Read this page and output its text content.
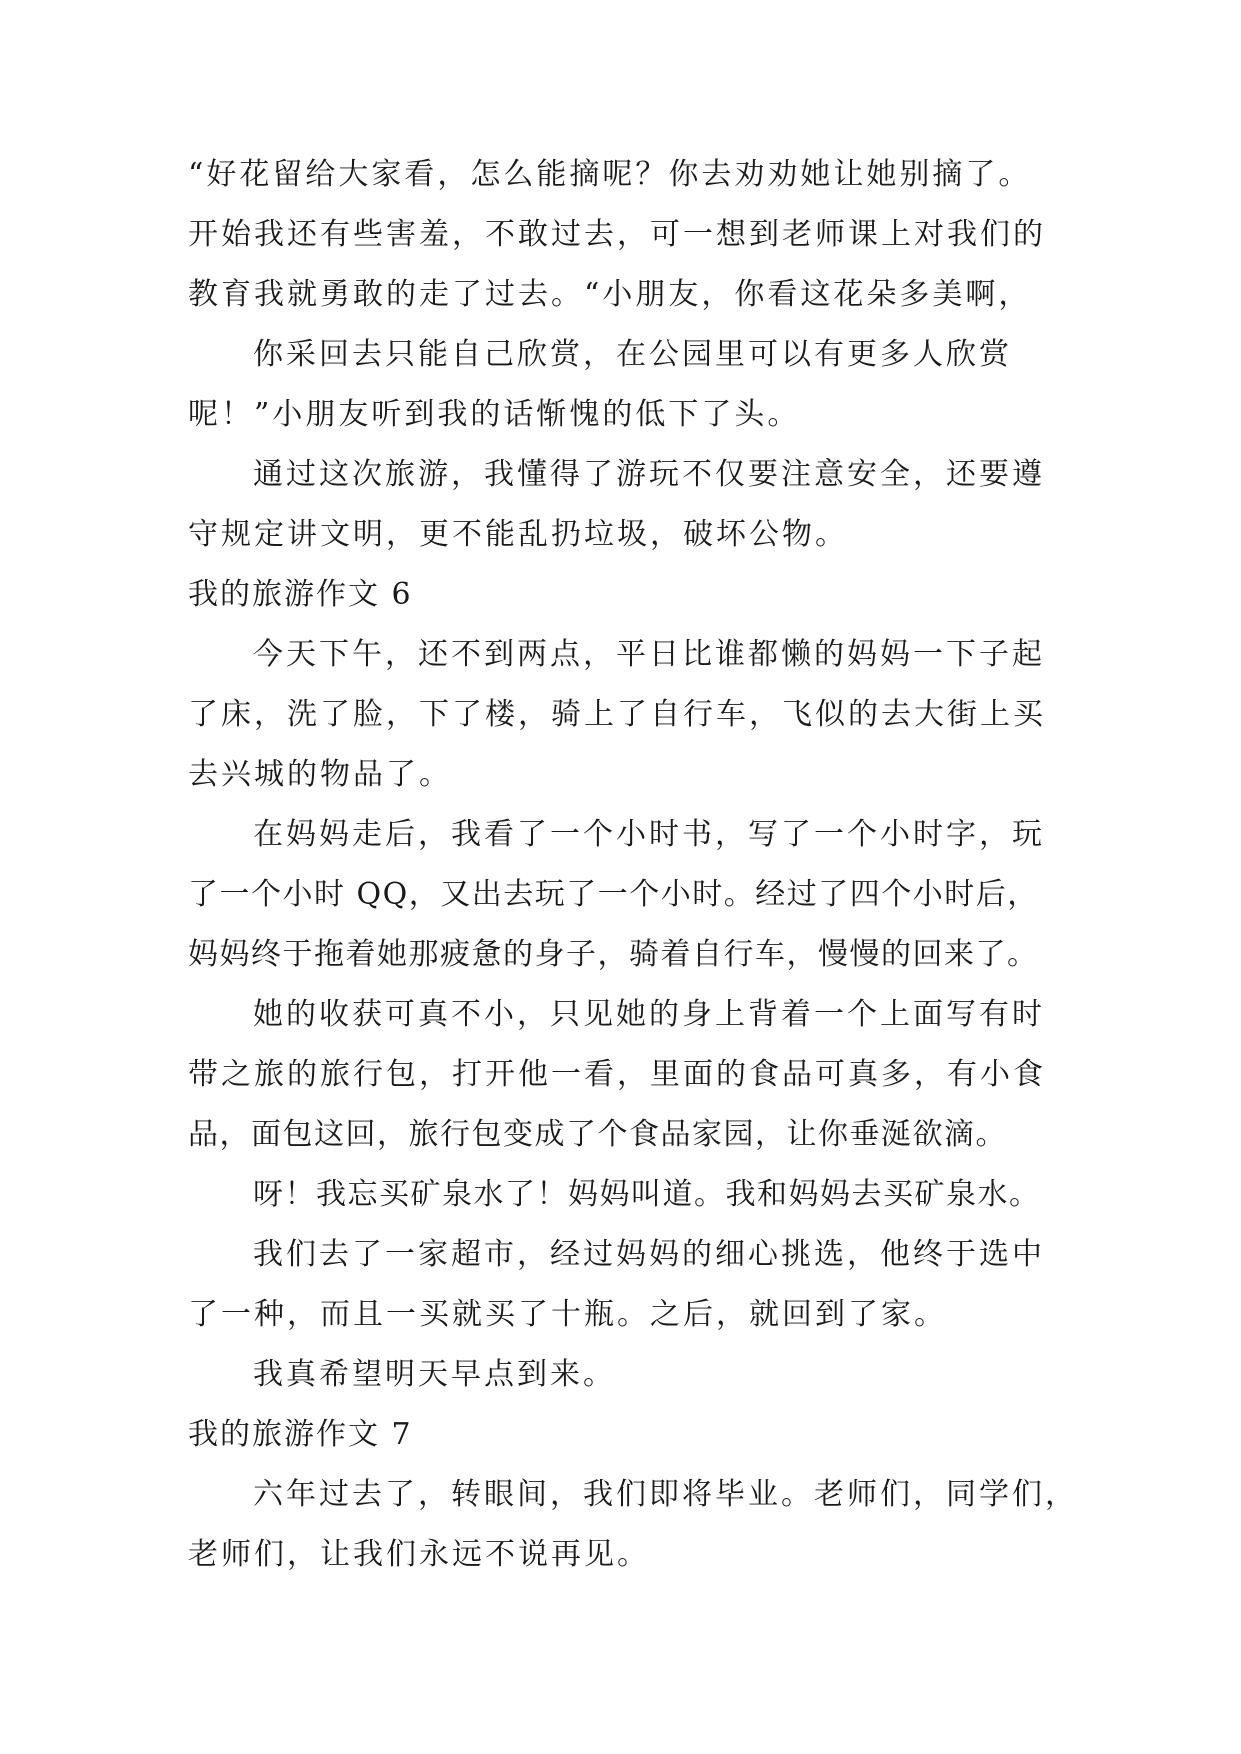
“好花留给大家看，怎么能摘呢？你去劝劝她让她别摘了。
开始我还有些害羞，不敢过去，可一想到老师课上对我们的
教育我就勇敢的走了过去。“小朋友，你看这花朵多美啊，
你采回去只能自己欣赏，在公园里可以有更多人欣赏
呢！”小朋友听到我的话惭愧的低下了头。
通过这次旅游，我懂得了游玩不仅要注意安全，还要遵
守规定讲文明，更不能乱扔垃圾，破坏公物。
我的旅游作文 6
今天下午，还不到两点，平日比谁都懒的妈妈一下子起
了床，洗了脸，下了楼，骑上了自行车，飞似的去大街上买
去兴城的物品了。
在妈妈走后，我看了一个小时书，写了一个小时字，玩
了一个小时 QQ，又出去玩了一个小时。经过了四个小时后，
妈妈终于拖着她那疲惫的身子，骑着自行车，慢慢的回来了。
她的收获可真不小，只见她的身上背着一个上面写有时
带之旅的旅行包，打开他一看，里面的食品可真多，有小食
品，面包这回，旅行包变成了个食品家园，让你垂涎欲滴。
呀！我忘买矿泉水了！妈妈叫道。我和妈妈去买矿泉水。
我们去了一家超市，经过妈妈的细心挑选，他终于选中
了一种，而且一买就买了十瓶。之后，就回到了家。
我真希望明天早点到来。
我的旅游作文 7
六年过去了，转眼间，我们即将毕业。老师们，同学们，
老师们，让我们永远不说再见。
